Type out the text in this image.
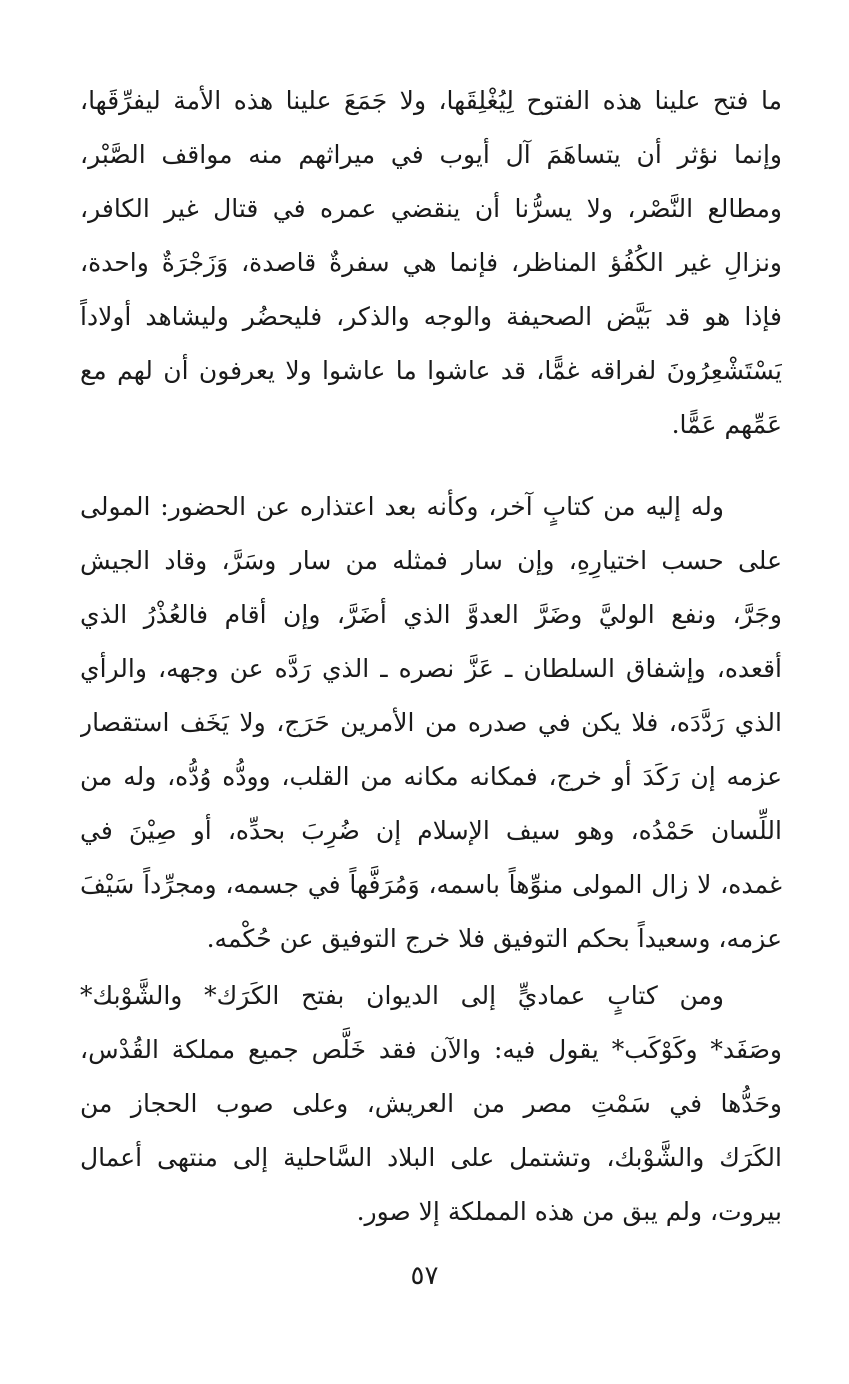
ما فتح علينا هذه الفتوح لِيُغْلِقَها، ولا جَمَعَ علينا هذه الأمة ليفرِّقَها،
وإنما نؤثر أن يتساهَمَ آل أيوب في ميراثهم منه مواقف الصَّبْر،
ومطالع النَّصْر، ولا يسرُّنا أن ينقضي عمره في قتال غير الكافر،
ونزالِ غير الكُفُؤ المناظر، فإنما هي سفرةٌ قاصدة، وَزَجْرَةٌ واحدة،
فإذا هو قد بَيَّض الصحيفة والوجه والذكر، فليحضُر وليشاهد أولاداً
يَسْتَشْعِرُونَ لفراقه غمًّا، قد عاشوا ما عاشوا ولا يعرفون أن لهم مع
عَمِّهم عَمًّا.
وله إليه من كتابٍ آخر، وكأنه بعد اعتذاره عن الحضور: المولى
على حسب اختيارِهِ، وإن سار فمثله من سار وسَرَّ، وقاد الجيش
وجَرَّ، ونفع الوليَّ وضَرَّ العدوَّ الذي أضَرَّ، وإن أقام فالعُذْرُ الذي
أقعده، وإشفاق السلطان ـ عَزَّ نصره ـ الذي رَدَّه عن وجهه، والرأي
الذي رَدَّدَه، فلا يكن في صدره من الأمرين حَرَج، ولا يَخَف استقصار
عزمه إن رَكَدَ أو خرج، فمكانه مكانه من القلب، وودُّه وُدُّه، وله من
اللِّسان حَمْدُه، وهو سيف الإسلام إن ضُرِبَ بحدِّه، أو صِيْنَ في
غمده، لا زال المولى منوِّهاً باسمه، وَمُرَفَّهاً في جسمه، ومجرِّداً سَيْفَ
عزمه، وسعيداً بحكم التوفيق فلا خرج التوفيق عن حُكْمه.
ومن كتابٍ عماديٍّ إلى الديوان بفتح الكَرَك* والشَّوْبك*
وصَفَد* وكَوْكَب* يقول فيه: والآن فقد خَلَّص جميع مملكة القُدْس،
وحَدُّها في سَمْتِ مصر من العريش، وعلى صوب الحجاز من
الكَرَك والشَّوْبك، وتشتمل على البلاد السَّاحلية إلى منتهى أعمال
بيروت، ولم يبق من هذه المملكة إلا صور.
٥٧
